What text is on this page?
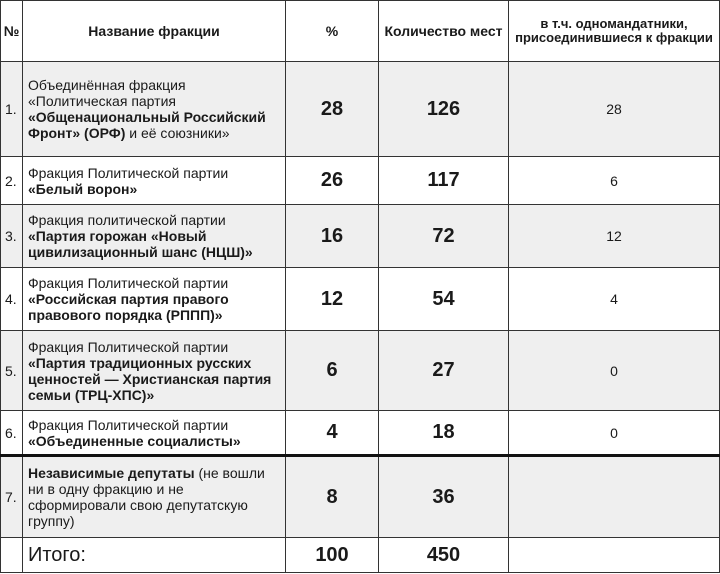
№	Название фракции	%	Количество мест	в т.ч. одномандатники, присоединившиеся к фракции
1.	Объединённая фракция «Политическая партия «Общенациональный Российский Фронт» (ОРФ) и её союзники»	28	126	28
2.	Фракция Политической партии «Белый ворон»	26	117	6
3.	Фракция политической партии «Партия горожан «Новый цивилизационный шанс (НЦШ)»	16	72	12
4.	Фракция Политической партии «Российская партия правого правового порядка (РППП)»	12	54	4
5.	Фракция Политической партии «Партия традиционных русских ценностей — Христианская партия семьи (ТРЦ-ХПС)»	6	27	0
6.	Фракция Политической партии «Объединенные социалисты»	4	18	0
7.	Независимые депутаты (не вошли ни в одну фракцию и не сформировали свою депутатскую группу)	8	36	
	Итого:	100	450	
